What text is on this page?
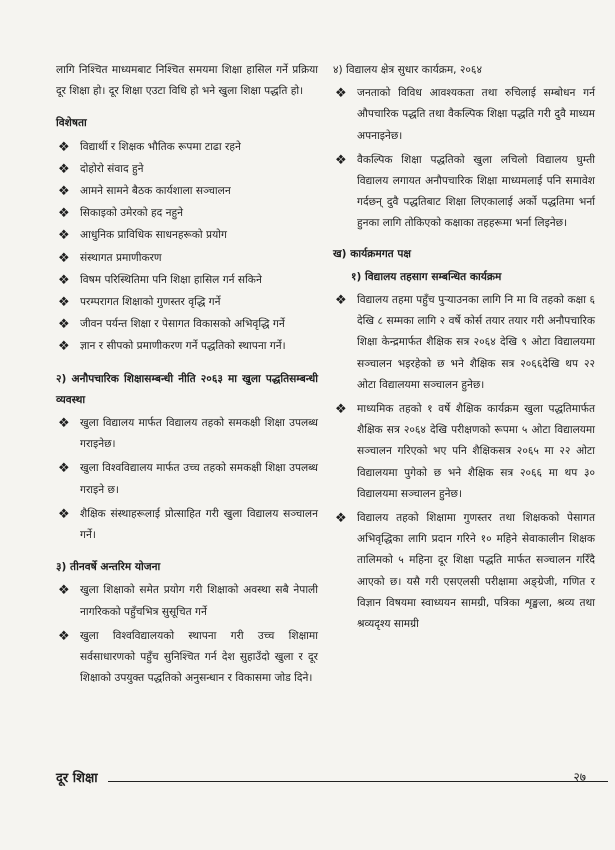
लागि निश्चित माध्यमबाट निश्चित समयमा शिक्षा हासिल गर्ने प्रक्रिया दूर शिक्षा हो। दूर शिक्षा एउटा विधि हो भने खुला शिक्षा पद्धति हो।

विशेषता

❖ विद्यार्थी र शिक्षक भौतिक रूपमा टाढा रहने
❖ दोहोरो संवाद हुने
❖ आमने सामने बैठक कार्यशाला सञ्चालन
❖ सिकाइको उमेरको हद नहुने
❖ आधुनिक प्राविधिक साधनहरूको प्रयोग
❖ संस्थागत प्रमाणीकरण
❖ विषम परिस्थितिमा पनि शिक्षा हासिल गर्न सकिने
❖ परम्परागत शिक्षाको गुणस्तर वृद्धि गर्ने
❖ जीवन पर्यन्त शिक्षा र पेसागत विकासको अभिवृद्धि गर्ने
❖ ज्ञान र सीपको प्रमाणीकरण गर्ने पद्धतिको स्थापना गर्ने।

२) अनौपचारिक शिक्षासम्बन्धी नीति २०६३ मा खुला पद्धतिसम्बन्धी व्यवस्था

❖ खुला विद्यालय मार्फत विद्यालय तहको समकक्षी शिक्षा उपलब्ध गराइनेछ।
❖ खुला विश्वविद्यालय मार्फत उच्च तहको समकक्षी शिक्षा उपलब्ध गराइने छ।
❖ शैक्षिक संस्थाहरूलाई प्रोत्साहित गरी खुला विद्यालय सञ्चालन गर्ने।

३) तीनवर्षे अन्तरिम योजना

❖ खुला शिक्षाको समेत प्रयोग गरी शिक्षाको अवस्था सबै नेपाली नागरिकको पहुँचभित्र सुसूचित गर्ने
❖ खुला विश्वविद्यालयको स्थापना गरी उच्च शिक्षामा सर्वसाधारणको पहुँच सुनिश्चित गर्न देश सुहाउँदो खुला र दूर शिक्षाको उपयुक्त पद्धतिको अनुसन्धान र विकासमा जोड दिने।

४) विद्यालय क्षेत्र सुधार कार्यक्रम, २०६४

❖ जनताको विविध आवश्यकता तथा रुचिलाई सम्बोधन गर्न औपचारिक पद्धति तथा वैकल्पिक शिक्षा पद्धति गरी दुवै माध्यम अपनाइनेछ।
❖ वैकल्पिक शिक्षा पद्धतिको खुला लचिलो विद्यालय घुम्ती विद्यालय लगायत अनौपचारिक शिक्षा माध्यमलाई पनि समावेश गर्दछन् दुवै पद्धतिबाट शिक्षा लिएकालाई अर्को पद्धतिमा भर्ना हुनका लागि तोकिएको कक्षाका तहहरूमा भर्ना लिइनेछ।

ख) कार्यक्रमगत पक्ष

१) विद्यालय तहसाग सम्बन्धित कार्यक्रम

❖ विद्यालय तहमा पहुँच पुऱ्याउनका लागि नि मा वि तहको कक्षा ६ देखि ८ सम्मका लागि २ वर्षे कोर्स तयार तयार गरी अनौपचारिक शिक्षा केन्द्रमार्फत शैक्षिक सत्र २०६४ देखि ९ ओटा विद्यालयमा सञ्चालन भइरहेको छ भने शैक्षिक सत्र २०६६देखि थप २२ ओटा विद्यालयमा सञ्चालन हुनेछ।
❖ माध्यमिक तहको १ वर्षे शैक्षिक कार्यक्रम खुला पद्धतिमार्फत शैक्षिक सत्र २०६४ देखि परीक्षणको रूपमा ५ ओटा विद्यालयमा सञ्चालन गरिएको भए पनि शैक्षिकसत्र २०६५ मा २२ ओटा विद्यालयमा पुगेको छ भने शैक्षिक सत्र २०६६ मा थप ३० विद्यालयमा सञ्चालन हुनेछ।
❖ विद्यालय तहको शिक्षामा गुणस्तर तथा शिक्षकको पेसागत अभिवृद्धिका लागि प्रदान गरिने १० महिने सेवाकालीन शिक्षक तालिमको ५ महिना दूर शिक्षा पद्धति मार्फत सञ्चालन गरिँदै आएको छ। यसै गरी एसएलसी परीक्षामा अङ्ग्रेजी, गणित र विज्ञान विषयमा स्वाध्ययन सामग्री, पत्रिका शृङ्खला, श्रव्य तथा श्रव्यदृश्य सामग्री
दूर शिक्षा	२७
